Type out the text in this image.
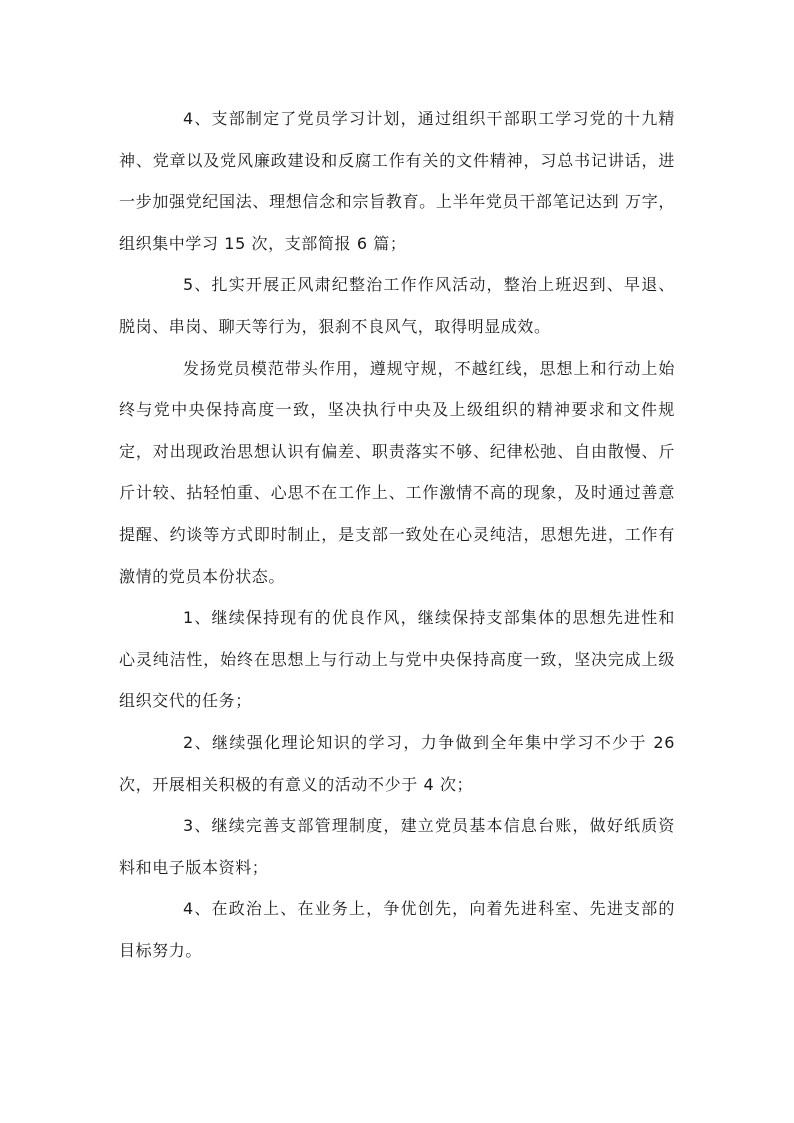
4、支部制定了党员学习计划，通过组织干部职工学习党的十九精神、党章以及党风廉政建设和反腐工作有关的文件精神，习总书记讲话，进一步加强党纪国法、理想信念和宗旨教育。上半年党员干部笔记达到 万字，组织集中学习 15 次，支部简报 6 篇；

5、扎实开展正风肃纪整治工作作风活动，整治上班迟到、早退、脱岗、串岗、聊天等行为，狠刹不良风气，取得明显成效。

发扬党员模范带头作用，遵规守规，不越红线，思想上和行动上始终与党中央保持高度一致，坚决执行中央及上级组织的精神要求和文件规定，对出现政治思想认识有偏差、职责落实不够、纪律松弛、自由散慢、斤斤计较、拈轻怕重、心思不在工作上、工作激情不高的现象，及时通过善意提醒、约谈等方式即时制止，是支部一致处在心灵纯洁，思想先进，工作有激情的党员本份状态。

1、继续保持现有的优良作风，继续保持支部集体的思想先进性和心灵纯洁性，始终在思想上与行动上与党中央保持高度一致，坚决完成上级组织交代的任务；

2、继续强化理论知识的学习，力争做到全年集中学习不少于 26 次，开展相关积极的有意义的活动不少于 4 次；

3、继续完善支部管理制度，建立党员基本信息台账，做好纸质资料和电子版本资料；

4、在政治上、在业务上，争优创先，向着先进科室、先进支部的目标努力。
